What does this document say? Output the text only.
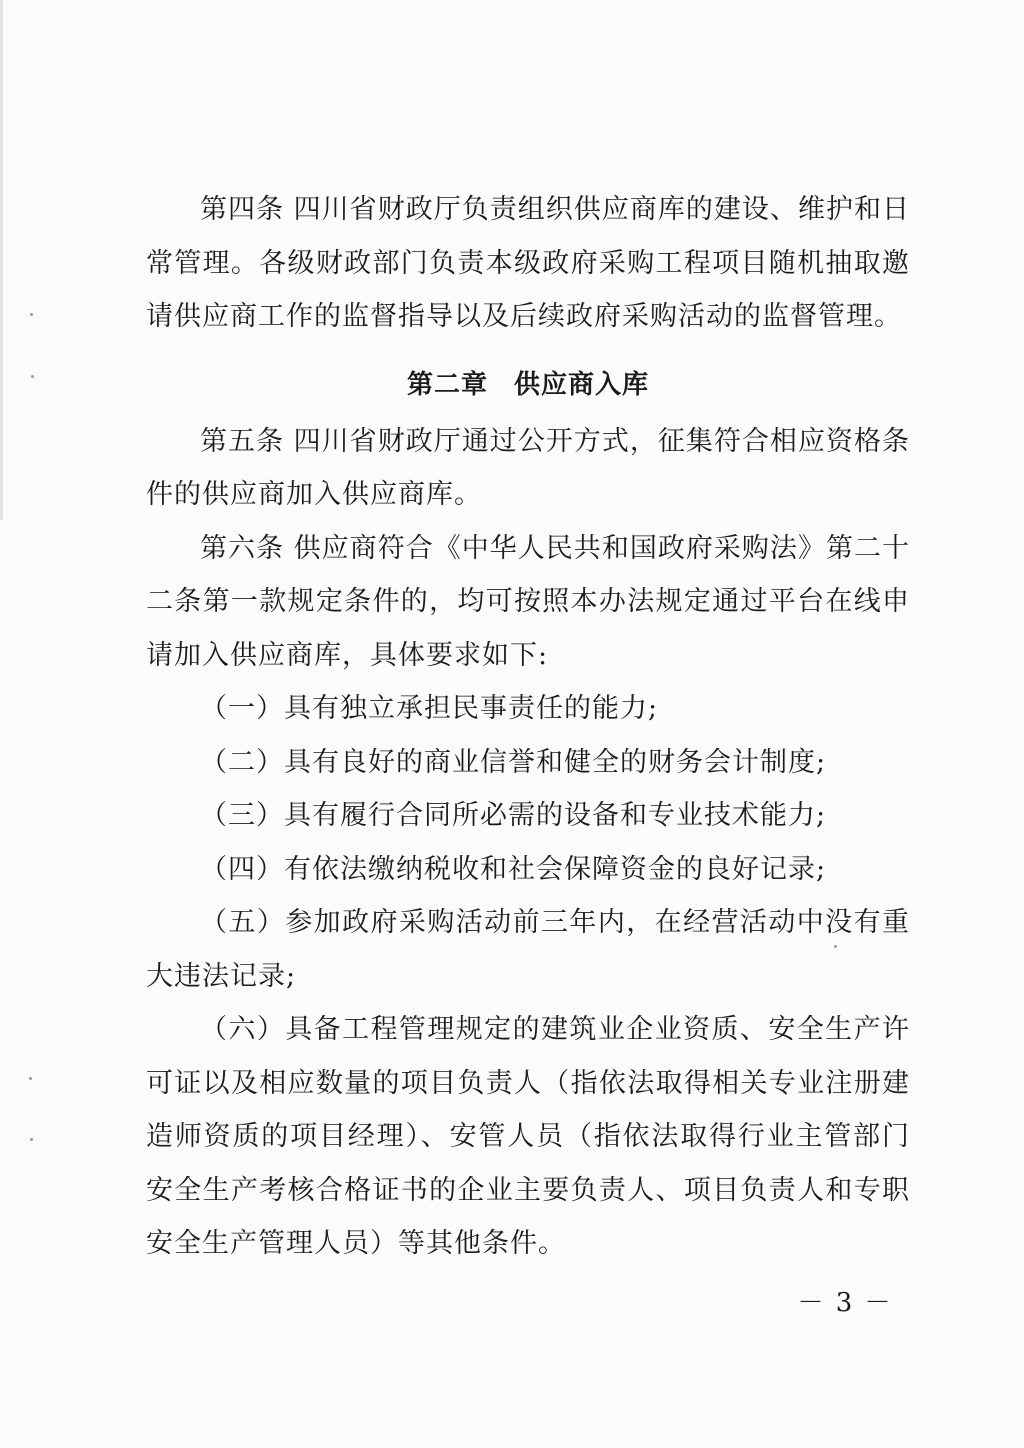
第四条 四川省财政厅负责组织供应商库的建设、维护和日常管理。各级财政部门负责本级政府采购工程项目随机抽取邀请供应商工作的监督指导以及后续政府采购活动的监督管理。

第二章 供应商入库

第五条 四川省财政厅通过公开方式，征集符合相应资格条件的供应商加入供应商库。

第六条 供应商符合《中华人民共和国政府采购法》第二十二条第一款规定条件的，均可按照本办法规定通过平台在线申请加入供应商库，具体要求如下:

（一）具有独立承担民事责任的能力;

（二）具有良好的商业信誉和健全的财务会计制度;

（三）具有履行合同所必需的设备和专业技术能力;

（四）有依法缴纳税收和社会保障资金的良好记录;

（五）参加政府采购活动前三年内，在经营活动中没有重大违法记录;

（六）具备工程管理规定的建筑业企业资质、安全生产许可证以及相应数量的项目负责人（指依法取得相关专业注册建造师资质的项目经理）、安管人员（指依法取得行业主管部门安全生产考核合格证书的企业主要负责人、项目负责人和专职安全生产管理人员）等其他条件。

－ 3 －
